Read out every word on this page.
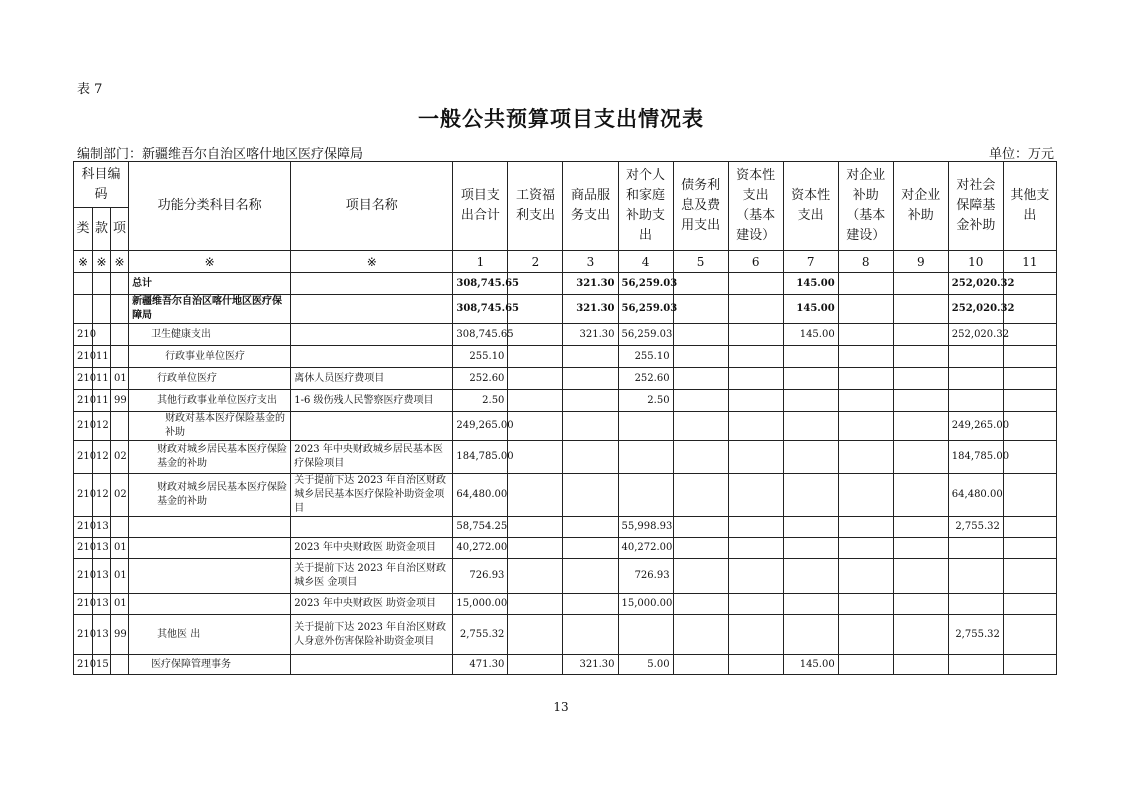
表 7
一般公共预算项目支出情况表
编制部门：新疆维吾尔自治区喀什地区医疗保障局	单位：万元
科目编码			功能分类科目名称	项目名称	项目支出合计	工资福利支出	商品服务支出	对个人和家庭补助支出	债务利息及费用支出	资本性支出（基本建设）	资本性支出	对企业补助（基本建设）	对企业补助	对社会保障基金补助	其他支出
类	款	项													
※	※	※	※	※	1	2	3	4	5	6	7	8	9	10	11
			总计		308,745.65		321.30	56,259.03			145.00			252,020.32	
			新疆维吾尔自治区喀什地区医疗保障局		308,745.65		321.30	56,259.03			145.00			252,020.32	
210			卫生健康支出		308,745.65		321.30	56,259.03			145.00			252,020.32	
210	11		行政事业单位医疗		255.10			255.10							
210	11	01	行政单位医疗	离休人员医疗费项目	252.60			252.60							
210	11	99	其他行政事业单位医疗支出	1-6 级伤残人民警察医疗费项目	2.50			2.50							
210	12		财政对基本医疗保险基金的补助		249,265.00									249,265.00	
210	12	02	财政对城乡居民基本医疗保险基金的补助	2023 年中央财政城乡居民基本医疗保险项目	184,785.00									184,785.00	
210	12	02	财政对城乡居民基本医疗保险基金的补助	关于提前下达 2023 年自治区财政城乡居民基本医疗保险补助资金项目	64,480.00									64,480.00	
210	13				58,754.25			55,998.93						2,755.32	
210	13	01		2023 年中央财政医 助资金项目	40,272.00			40,272.00							
210	13	01		关于提前下达 2023 年自治区财政城乡医 金项目	726.93			726.93							
210	13	01		2023 年中央财政医 助资金项目	15,000.00			15,000.00							
210	13	99	其他医 出	关于提前下达 2023 年自治区财政人身意外伤害保险补助资金项目	2,755.32									2,755.32	
210	15		医疗保障管理事务		471.30		321.30	5.00			145.00				
13
